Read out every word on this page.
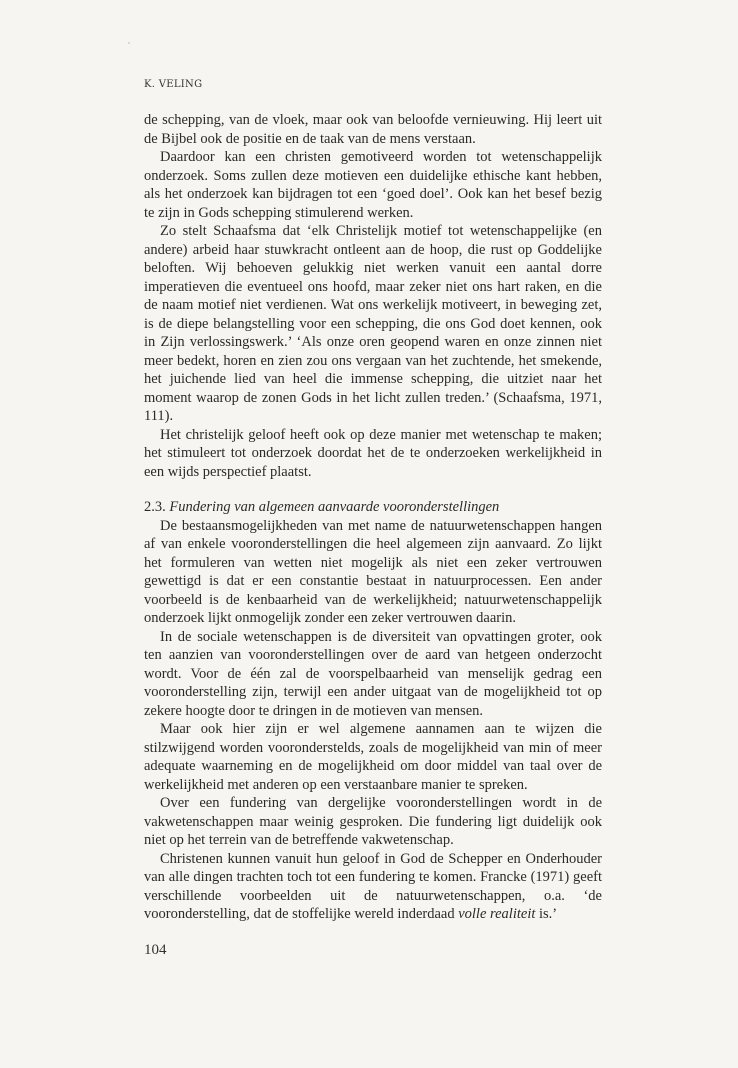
K. VELING

de schepping, van de vloek, maar ook van beloofde vernieuwing. Hij leert uit de Bijbel ook de positie en de taak van de mens verstaan.

Daardoor kan een christen gemotiveerd worden tot wetenschappelijk onderzoek. Soms zullen deze motieven een duidelijke ethische kant hebben, als het onderzoek kan bijdragen tot een ‘goed doel’. Ook kan het besef bezig te zijn in Gods schepping stimulerend werken.

Zo stelt Schaafsma dat ‘elk Christelijk motief tot wetenschappelijke (en andere) arbeid haar stuwkracht ontleent aan de hoop, die rust op Goddelijke beloften. Wij behoeven gelukkig niet werken vanuit een aantal dorre imperatieven die eventueel ons hoofd, maar zeker niet ons hart raken, en die de naam motief niet verdienen. Wat ons werkelijk motiveert, in beweging zet, is de diepe belangstelling voor een schepping, die ons God doet kennen, ook in Zijn verlossingswerk.’ ‘Als onze oren geopend waren en onze zinnen niet meer bedekt, horen en zien zou ons vergaan van het zuchtende, het smekende, het juichende lied van heel die immense schepping, die uitziet naar het moment waarop de zonen Gods in het licht zullen treden.’ (Schaafsma, 1971, 111).

Het christelijk geloof heeft ook op deze manier met wetenschap te maken; het stimuleert tot onderzoek doordat het de te onderzoeken werkelijkheid in een wijds perspectief plaatst.

2.3. Fundering van algemeen aanvaarde vooronderstellingen

De bestaansmogelijkheden van met name de natuurwetenschappen hangen af van enkele vooronderstellingen die heel algemeen zijn aanvaard. Zo lijkt het formuleren van wetten niet mogelijk als niet een zeker vertrouwen gewettigd is dat er een constantie bestaat in natuurprocessen. Een ander voorbeeld is de kenbaarheid van de werkelijkheid; natuurwetenschappelijk onderzoek lijkt onmogelijk zonder een zeker vertrouwen daarin.

In de sociale wetenschappen is de diversiteit van opvattingen groter, ook ten aanzien van vooronderstellingen over de aard van hetgeen onderzocht wordt. Voor de één zal de voorspelbaarheid van menselijk gedrag een vooronderstelling zijn, terwijl een ander uitgaat van de mogelijkheid tot op zekere hoogte door te dringen in de motieven van mensen.

Maar ook hier zijn er wel algemene aannamen aan te wijzen die stilzwijgend worden vooronderstelds, zoals de mogelijkheid van min of meer adequate waarneming en de mogelijkheid om door middel van taal over de werkelijkheid met anderen op een verstaanbare manier te spreken.

Over een fundering van dergelijke vooronderstellingen wordt in de vakwetenschappen maar weinig gesproken. Die fundering ligt duidelijk ook niet op het terrein van de betreffende vakwetenschap.

Christenen kunnen vanuit hun geloof in God de Schepper en Onderhouder van alle dingen trachten toch tot een fundering te komen. Francke (1971) geeft verschillende voorbeelden uit de natuurwetenschappen, o.a. ‘de vooronderstelling, dat de stoffelijke wereld inderdaad volle realiteit is.’

104
